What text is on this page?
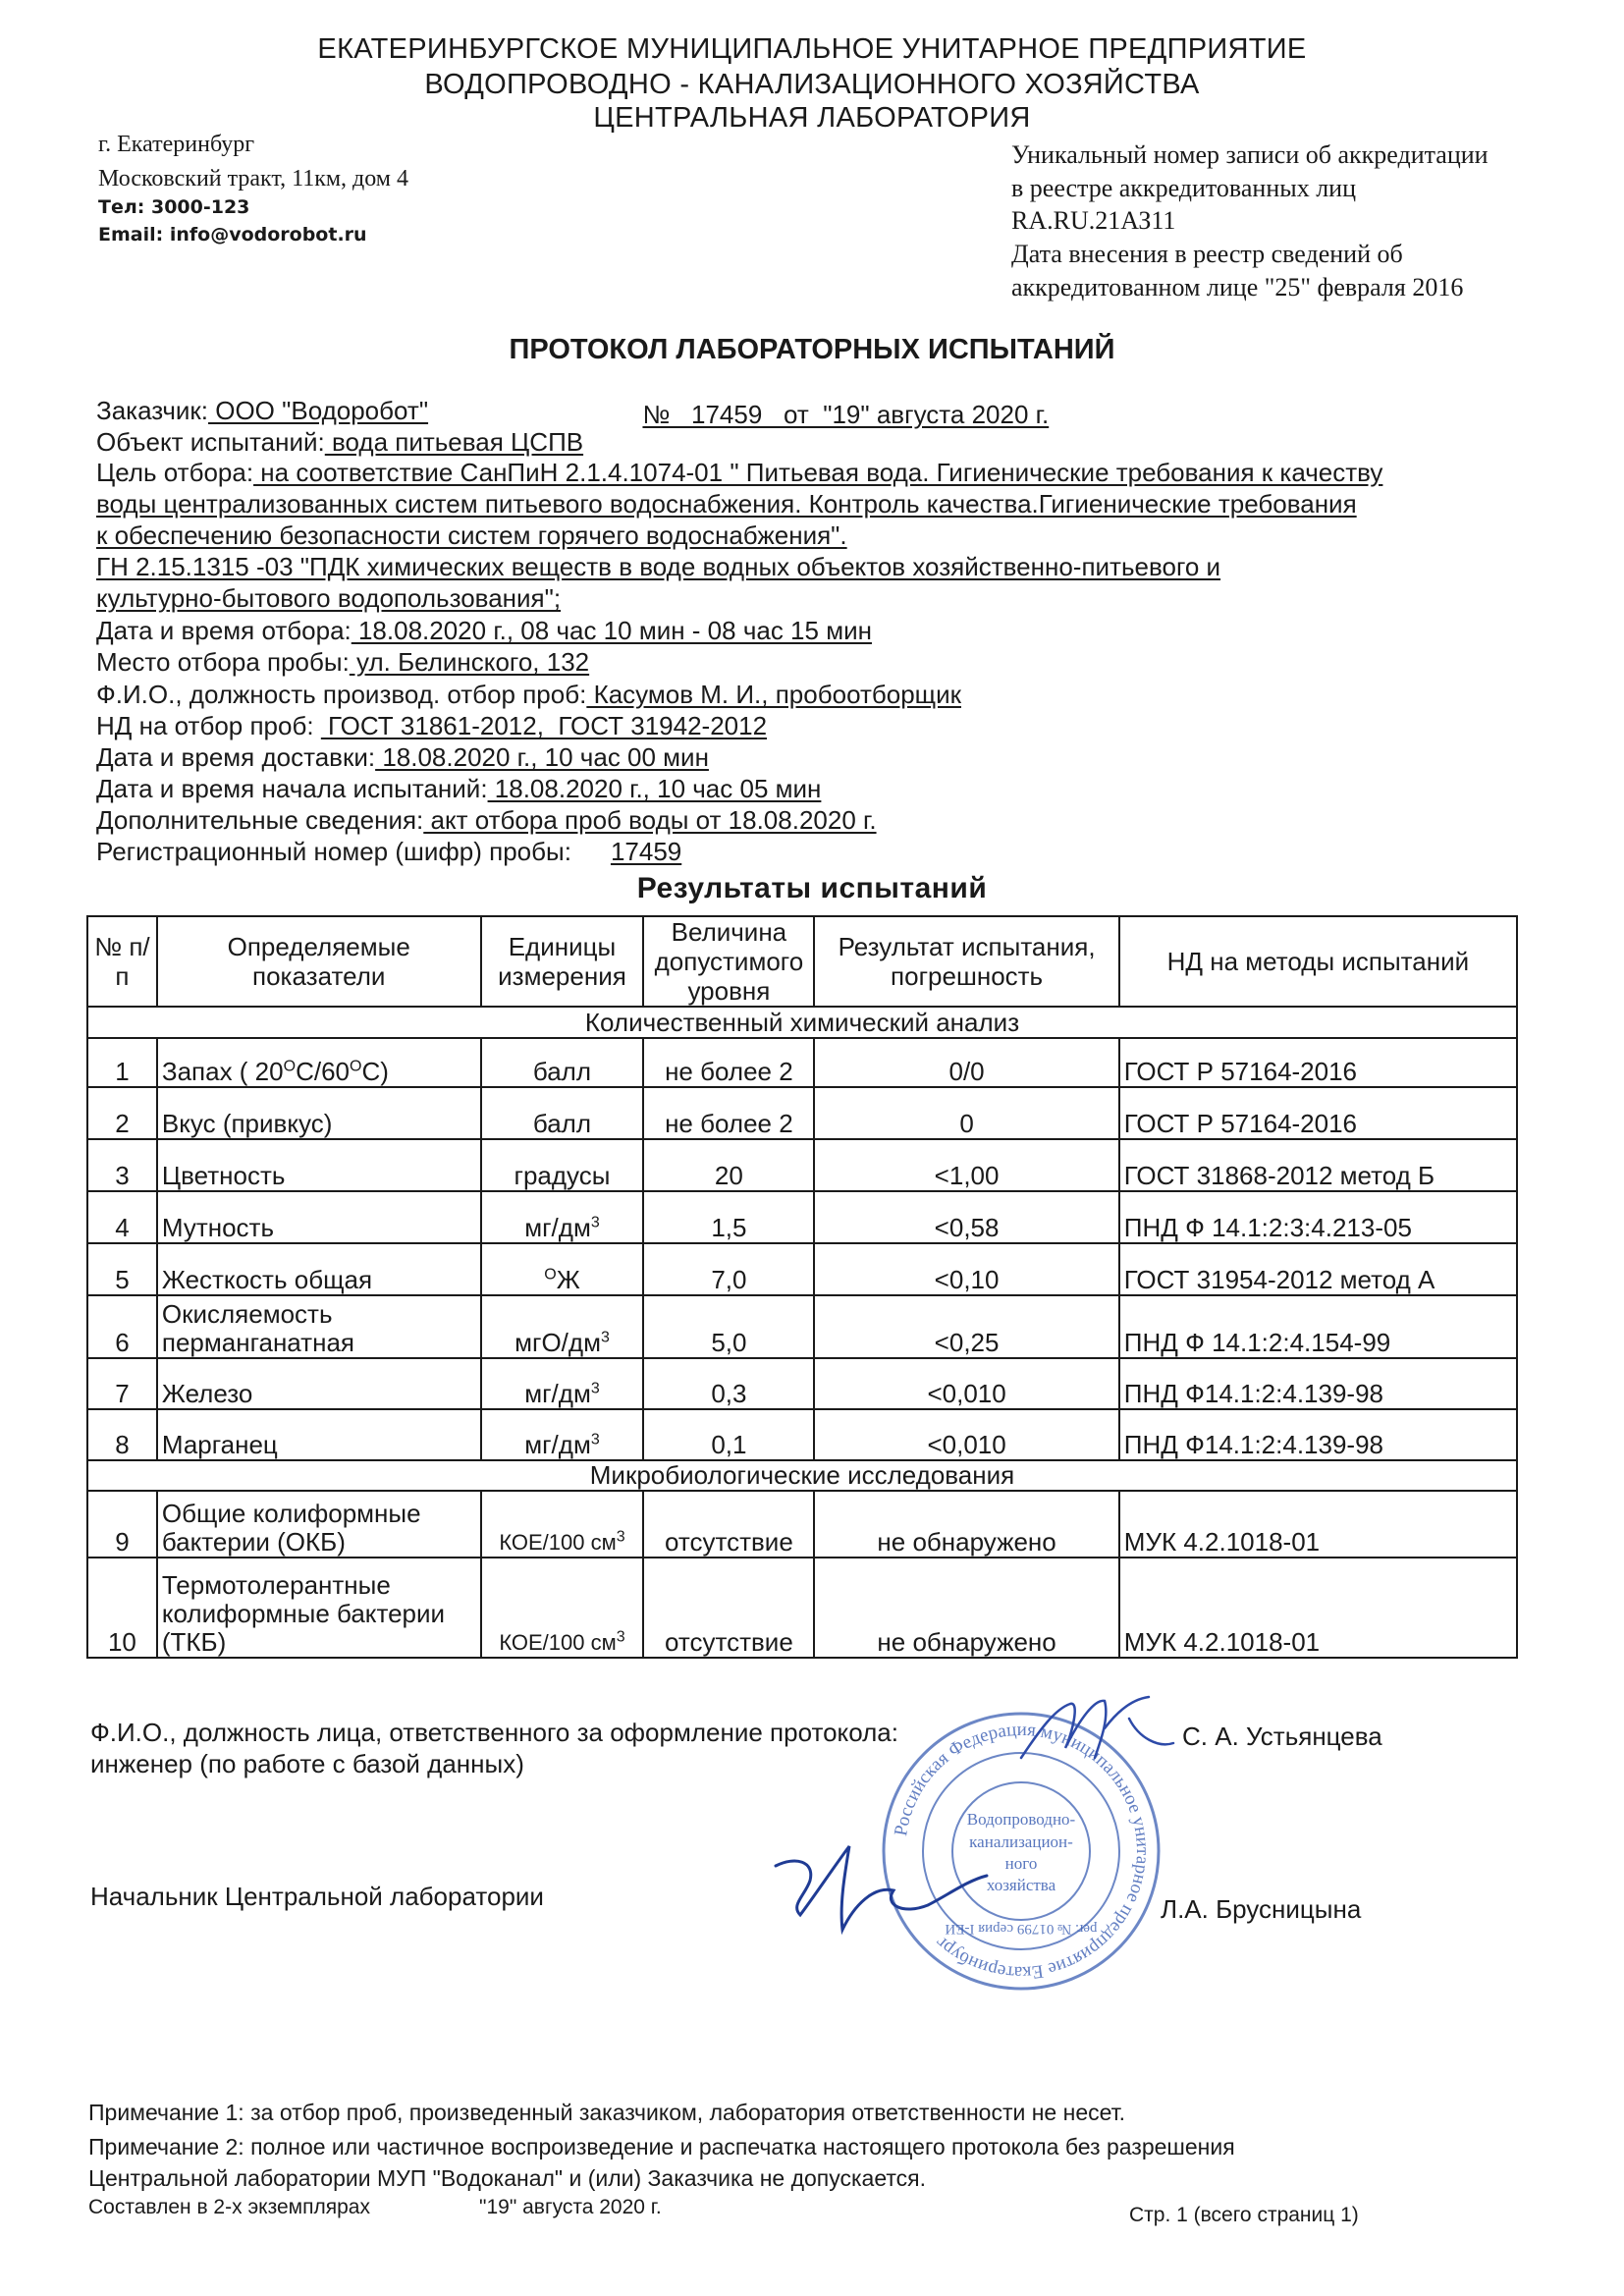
ЕКАТЕРИНБУРГСКОЕ МУНИЦИПАЛЬНОЕ УНИТАРНОЕ ПРЕДПРИЯТИЕ
ВОДОПРОВОДНО - КАНАЛИЗАЦИОННОГО ХОЗЯЙСТВА
ЦЕНТРАЛЬНАЯ ЛАБОРАТОРИЯ
г. Екатеринбург
Московский тракт, 11км, дом 4
Тел: 3000-123
Email: info@vodorobot.ru
Уникальный номер записи об аккредитации
в реестре аккредитованных лиц
RA.RU.21АЗ11
Дата внесения в реестр сведений об
аккредитованном лице "25" февраля 2016
ПРОТОКОЛ ЛАБОРАТОРНЫХ ИСПЫТАНИЙ

№   17459   от  "19" августа 2020 г.

Заказчик: ООО "Водоробот"
Объект испытаний: вода питьевая ЦСПВ
Цель отбора: на соответствие СанПиН 2.1.4.1074-01 " Питьевая вода. Гигиенические требования к качеству
воды централизованных систем питьевого водоснабжения. Контроль качества.Гигиенические требования
к обеспечению безопасности систем горячего водоснабжения".
ГН 2.15.1315 -03 "ПДК химических веществ в воде водных объектов хозяйственно-питьевого и
культурно-бытового водопользования";
Дата и время отбора: 18.08.2020 г., 08 час 10 мин - 08 час 15 мин
Место отбора пробы: ул. Белинского, 132
Ф.И.О., должность производ. отбор проб: Касумов М. И., пробоотборщик
НД на отбор проб:  ГОСТ 31861-2012,  ГОСТ 31942-2012
Дата и время доставки: 18.08.2020 г., 10 час 00 мин
Дата и время начала испытаний: 18.08.2020 г., 10 час 05 мин
Дополнительные сведения: акт отбора проб воды от 18.08.2020 г.
Регистрационный номер (шифр) пробы: 17459
Результаты испытаний
№ п/п	Определяемые показатели	Единицы измерения	Величина допустимого уровня	Результат испытания, погрешность	НД на методы испытаний
Количественный химический анализ					
1	Запах ( $20^OС/60^OС$)	балл	не более 2	0/0	ГОСТ Р 57164-2016
2	Вкус (привкус)	балл	не более 2	0	ГОСТ Р 57164-2016
3	Цветность	градусы	20	<1,00	ГОСТ 31868-2012 метод Б
4	Мутность	$мг/дм^3$	1,5	<0,58	ПНД Ф 14.1:2:3:4.213-05
5	Жесткость общая	$^O$Ж	7,0	<0,10	ГОСТ 31954-2012 метод А
6	Окисляемость перманганатная	мгО/$дм^3$	5,0	<0,25	ПНД Ф 14.1:2:4.154-99
7	Железо	$мг/дм^3$	0,3	<0,010	ПНД Ф14.1:2:4.139-98
8	Марганец	$мг/дм^3$	0,1	<0,010	ПНД Ф14.1:2:4.139-98
Микробиологические исследования					
9	Общие колиформные бактерии (ОКБ)	КОЕ/100 $см^3$	отсутствие	не обнаружено	МУК 4.2.1018-01
10	Термотолерантные колиформные бактерии (ТКБ)	КОЕ/100 $см^3$	отсутствие	не обнаружено	МУК 4.2.1018-01
Ф.И.О., должность лица, ответственного за оформление протокола:
инженер (по работе с базой данных)
С. А. Устьянцева
Начальник Центральной лаборатории	Л.А. Брусницына
Российская Федерация муниципальное унитарное предприятие Екатеринбург
Водопроводно-
канализацион-
ного
хозяйства
рег. № 01799 серия I-ЕИ
Примечание 1: за отбор проб, произведенный заказчиком, лаборатория ответственности не несет.
Примечание 2: полное или частичное воспроизведение и распечатка настоящего протокола без разрешения
Центральной лаборатории МУП "Водоканал" и (или) Заказчика не допускается.
Составлен в 2-х экземплярах	"19" августа 2020 г.	Стр. 1 (всего страниц 1)
